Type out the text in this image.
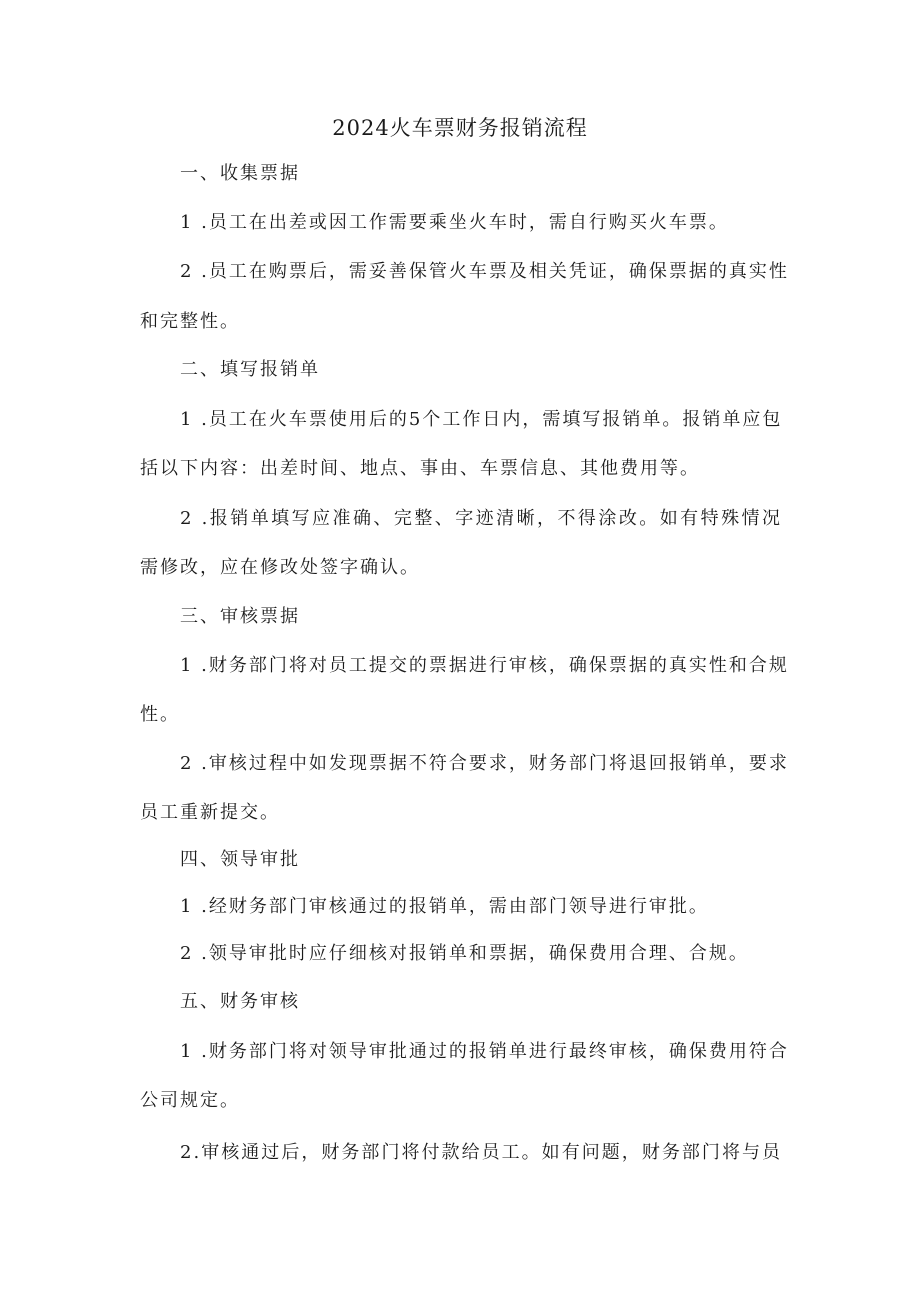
2024火车票财务报销流程
一、收集票据
1 .员工在出差或因工作需要乘坐火车时，需自行购买火车票。
2 .员工在购票后，需妥善保管火车票及相关凭证，确保票据的真实性
和完整性。
二、填写报销单
1 .员工在火车票使用后的5个工作日内，需填写报销单。报销单应包
括以下内容：出差时间、地点、事由、车票信息、其他费用等。
2 .报销单填写应准确、完整、字迹清晰，不得涂改。如有特殊情况
需修改，应在修改处签字确认。
三、审核票据
1 .财务部门将对员工提交的票据进行审核，确保票据的真实性和合规
性。
2 .审核过程中如发现票据不符合要求，财务部门将退回报销单，要求
员工重新提交。
四、领导审批
1 .经财务部门审核通过的报销单，需由部门领导进行审批。
2 .领导审批时应仔细核对报销单和票据，确保费用合理、合规。
五、财务审核
1 .财务部门将对领导审批通过的报销单进行最终审核，确保费用符合
公司规定。
2.审核通过后，财务部门将付款给员工。如有问题，财务部门将与员
